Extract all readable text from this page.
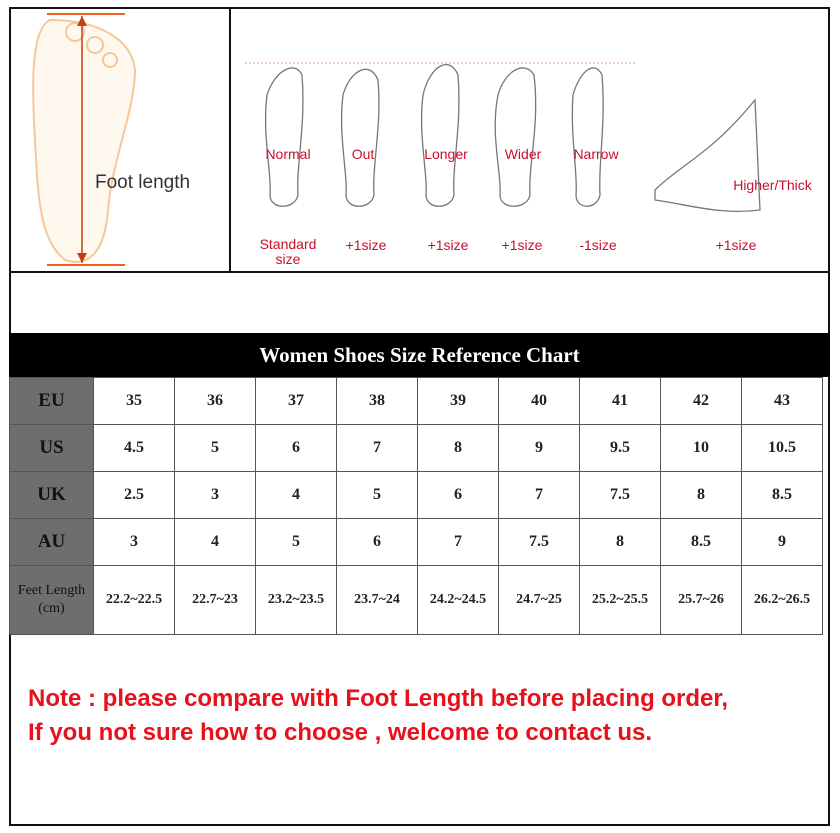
Foot length
Normal	Out	Longer	Wider	Narrow
Higher/Thick
Standard size
+1size	+1size	+1size	-1size	+1size
Women Shoes Size Reference Chart
EU	35	36	37	38	39	40	41	42	43
US	4.5	5	6	7	8	9	9.5	10	10.5
UK	2.5	3	4	5	6	7	7.5	8	8.5
AU	3	4	5	6	7	7.5	8	8.5	9
Feet Length (cm)	22.2~22.5	22.7~23	23.2~23.5	23.7~24	24.2~24.5	24.7~25	25.2~25.5	25.7~26	26.2~26.5
Note : please compare with Foot Length before placing order,
If you not sure how to choose , welcome to contact us.
